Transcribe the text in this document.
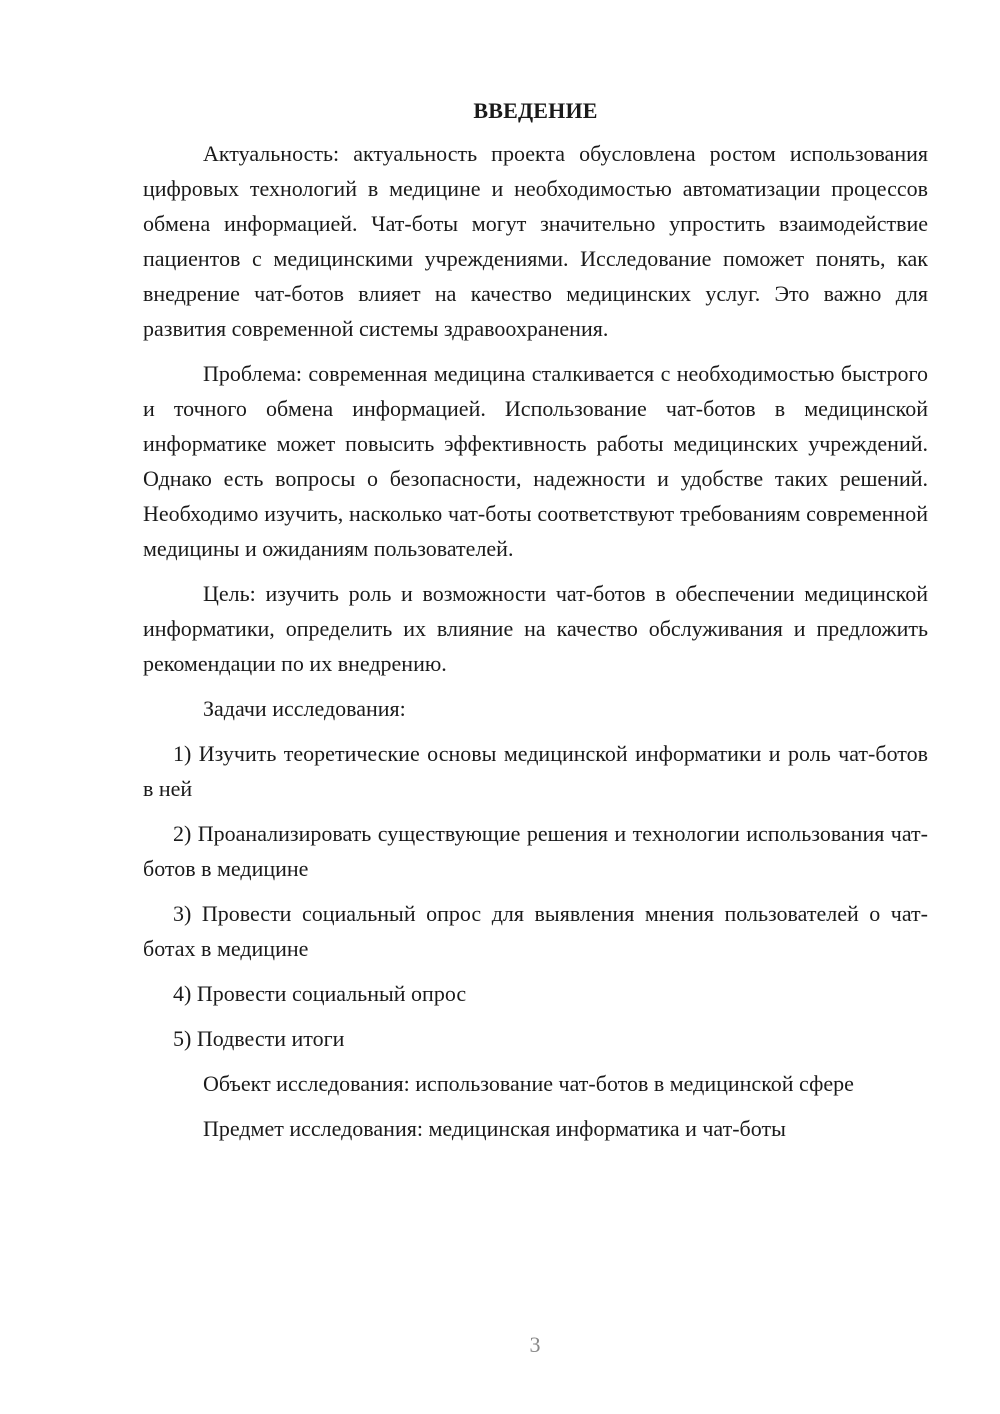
ВВЕДЕНИЕ

Актуальность: актуальность проекта обусловлена ростом использования цифровых технологий в медицине и необходимостью автоматизации процессов обмена информацией. Чат-боты могут значительно упростить взаимодействие пациентов с медицинскими учреждениями. Исследование поможет понять, как внедрение чат-ботов влияет на качество медицинских услуг. Это важно для развития современной системы здравоохранения.

Проблема: современная медицина сталкивается с необходимостью быстрого и точного обмена информацией. Использование чат-ботов в медицинской информатике может повысить эффективность работы медицинских учреждений. Однако есть вопросы о безопасности, надежности и удобстве таких решений. Необходимо изучить, насколько чат-боты соответствуют требованиям современной медицины и ожиданиям пользователей.

Цель: изучить роль и возможности чат-ботов в обеспечении медицинской информатики, определить их влияние на качество обслуживания и предложить рекомендации по их внедрению.

Задачи исследования:

1) Изучить теоретические основы медицинской информатики и роль чат-ботов в ней

2) Проанализировать существующие решения и технологии использования чат-ботов в медицине

3) Провести социальный опрос для выявления мнения пользователей о чат-ботах в медицине

4) Провести социальный опрос

5) Подвести итоги

Объект исследования: использование чат-ботов в медицинской сфере

Предмет исследования: медицинская информатика и чат-боты

3
